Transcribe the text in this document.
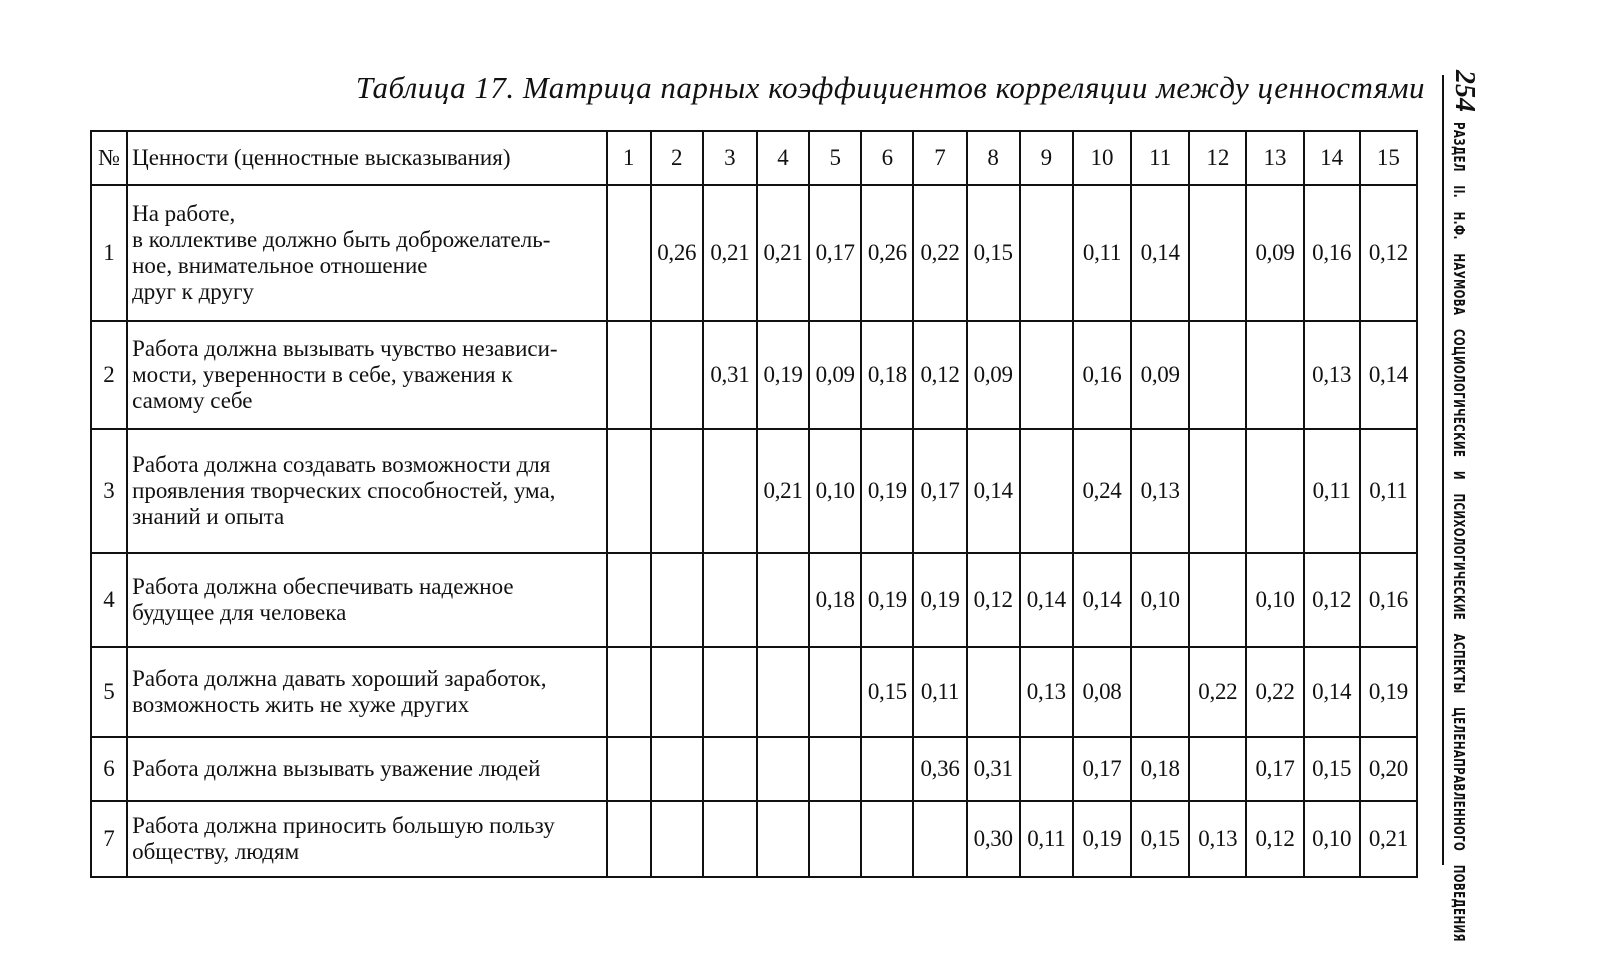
Таблица 17. Матрица парных коэффициентов корреляции между ценностями
№	Ценности (ценностные высказывания)	1	2	3	4	5	6	7	8	9	10	11	12	13	14	15
1	На работе,
в коллективе должно быть доброжелатель-
ное, внимательное отношение
друг к другу		0,26	0,21	0,21	0,17	0,26	0,22	0,15		0,11	0,14		0,09	0,16	0,12
2	Работа должна вызывать чувство независи-
мости, уверенности в себе, уважения к
самому себе			0,31	0,19	0,09	0,18	0,12	0,09		0,16	0,09			0,13	0,14
3	Работа должна создавать возможности для
проявления творческих способностей, ума,
знаний и опыта				0,21	0,10	0,19	0,17	0,14		0,24	0,13			0,11	0,11
4	Работа должна обеспечивать надежное
будущее для человека					0,18	0,19	0,19	0,12	0,14	0,14	0,10		0,10	0,12	0,16
5	Работа должна давать хороший заработок,
возможность жить не хуже других						0,15	0,11		0,13	0,08		0,22	0,22	0,14	0,19
6	Работа должна вызывать уважение людей							0,36	0,31		0,17	0,18		0,17	0,15	0,20
7	Работа должна приносить большую пользу
обществу, людям								0,30	0,11	0,19	0,15	0,13	0,12	0,10	0,21
254
РАЗДЕЛ II. Н.Ф. НАУМОВА СОЦИОЛОГИЧЕСКИЕ И ПСИХОЛОГИЧЕСКИЕ АСПЕКТЫ ЦЕЛЕНАПРАВЛЕННОГО ПОВЕДЕНИЯ
